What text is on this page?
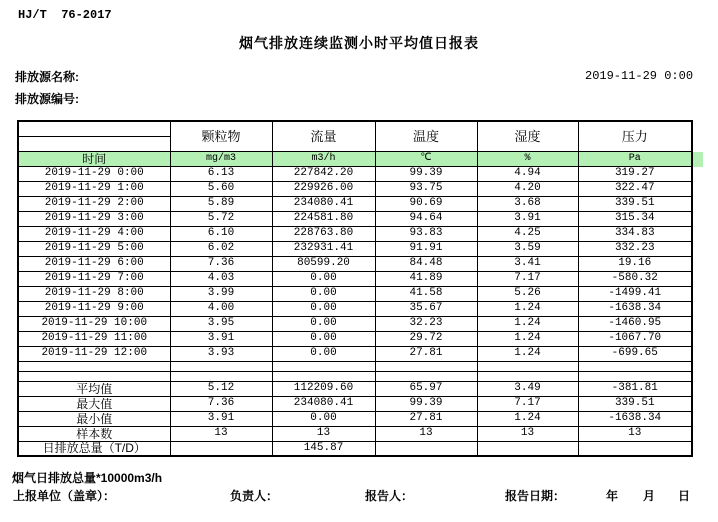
HJ/T  76-2017
烟气排放连续监测小时平均值日报表
排放源名称:
排放源编号:
2019-11-29 0:00
	颗粒物	流量	温度	湿度	压力

时间	mg/m3	m3/h	℃	%	Pa
2019-11-29 0:00	6.13	227842.20	99.39	4.94	319.27
2019-11-29 1:00	5.60	229926.00	93.75	4.20	322.47
2019-11-29 2:00	5.89	234080.41	90.69	3.68	339.51
2019-11-29 3:00	5.72	224581.80	94.64	3.91	315.34
2019-11-29 4:00	6.10	228763.80	93.83	4.25	334.83
2019-11-29 5:00	6.02	232931.41	91.91	3.59	332.23
2019-11-29 6:00	7.36	80599.20	84.48	3.41	19.16
2019-11-29 7:00	4.03	0.00	41.89	7.17	-580.32
2019-11-29 8:00	3.99	0.00	41.58	5.26	-1499.41
2019-11-29 9:00	4.00	0.00	35.67	1.24	-1638.34
2019-11-29 10:00	3.95	0.00	32.23	1.24	-1460.95
2019-11-29 11:00	3.91	0.00	29.72	1.24	-1067.70
2019-11-29 12:00	3.93	0.00	27.81	1.24	-699.65

平均值	5.12	112209.60	65.97	3.49	-381.81
最大值	7.36	234080.41	99.39	7.17	339.51
最小值	3.91	0.00	27.81	1.24	-1638.34
样本数	13	13	13	13	13
日排放总量（T/D）		145.87			
烟气日排放总量*10000m3/h
上报单位（盖章）：	负责人：	报告人：	报告日期：	年 月 日
